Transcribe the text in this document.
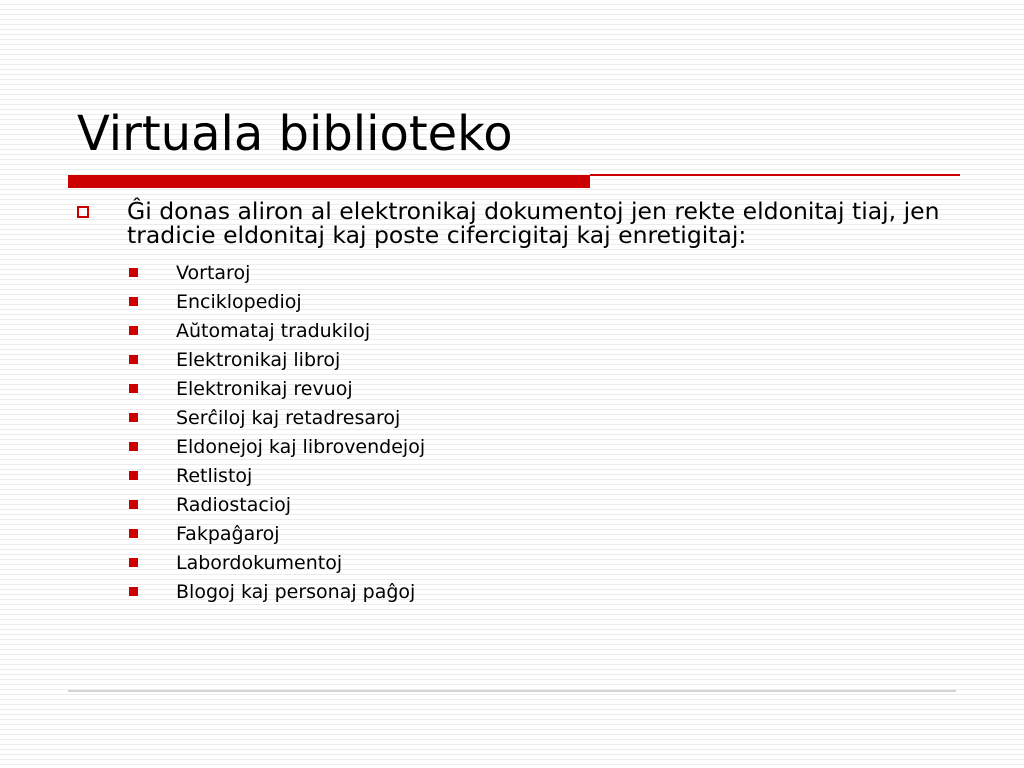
Virtuala biblioteko

Ĝi donas aliron al elektronikaj dokumentoj jen rekte eldonitaj tiaj, jen tradicie eldonitaj kaj poste cifercigitaj kaj enretigitaj:

Vortaroj
Enciklopedioj
Aŭtomataj tradukiloj
Elektronikaj libroj
Elektronikaj revuoj
Serĉiloj kaj retadresaroj
Eldonejoj kaj librovendejoj
Retlistoj
Radiostacioj
Fakpaĝaroj
Labordokumentoj
Blogoj kaj personaj paĝoj
